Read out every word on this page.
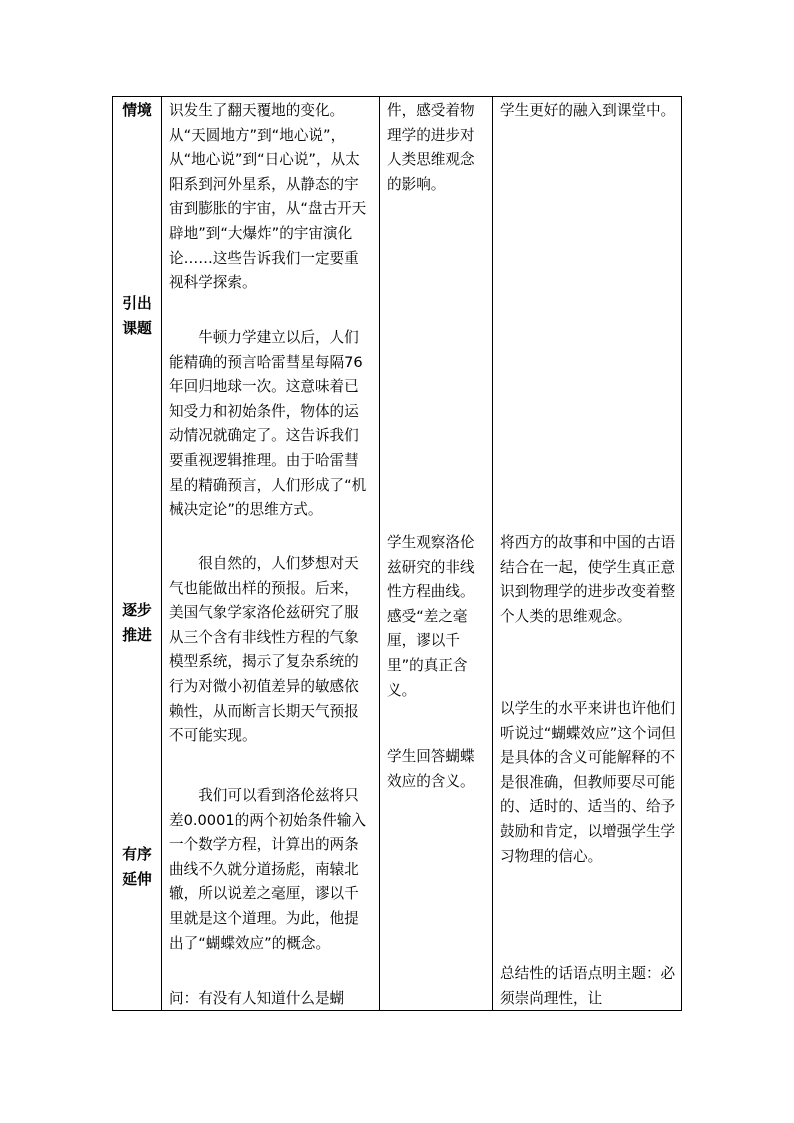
情境
引出课题
逐步推进
有序延伸

识发生了翻天覆地的变化。从“天圆地方”到“地心说”，从“地心说”到“日心说”，从太阳系到河外星系，从静态的宇宙到膨胀的宇宙，从“盘古开天辟地”到“大爆炸”的宇宙演化论……这些告诉我们一定要重视科学探索。

　　牛顿力学建立以后，人们能精确的预言哈雷彗星每隔76年回归地球一次。这意味着已知受力和初始条件，物体的运动情况就确定了。这告诉我们要重视逻辑推理。由于哈雷彗星的精确预言，人们形成了“机械决定论”的思维方式。

　　很自然的，人们梦想对天气也能做出样的预报。后来，美国气象学家洛伦兹研究了服从三个含有非线性方程的气象模型系统，揭示了复杂系统的行为对微小初值差异的敏感依赖性，从而断言长期天气预报不可能实现。

　　我们可以看到洛伦兹将只差0.0001的两个初始条件输入一个数学方程，计算出的两条曲线不久就分道扬彪，南辕北辙，所以说差之毫厘，谬以千里就是这个道理。为此，他提出了“蝴蝶效应”的概念。

问：有没有人知道什么是蝴

件，感受着物理学的进步对人类思维观念的影响。

学生观察洛伦兹研究的非线性方程曲线。感受“差之毫厘，谬以千里”的真正含义。

学生回答蝴蝶效应的含义。

学生更好的融入到课堂中。

将西方的故事和中国的古语结合在一起，使学生真正意识到物理学的进步改变着整个人类的思维观念。

以学生的水平来讲也许他们听说过“蝴蝶效应”这个词但是具体的含义可能解释的不是很准确，但教师要尽可能的、适时的、适当的、给予鼓励和肯定，以增强学生学习物理的信心。

总结性的话语点明主题：必须崇尚理性，让
